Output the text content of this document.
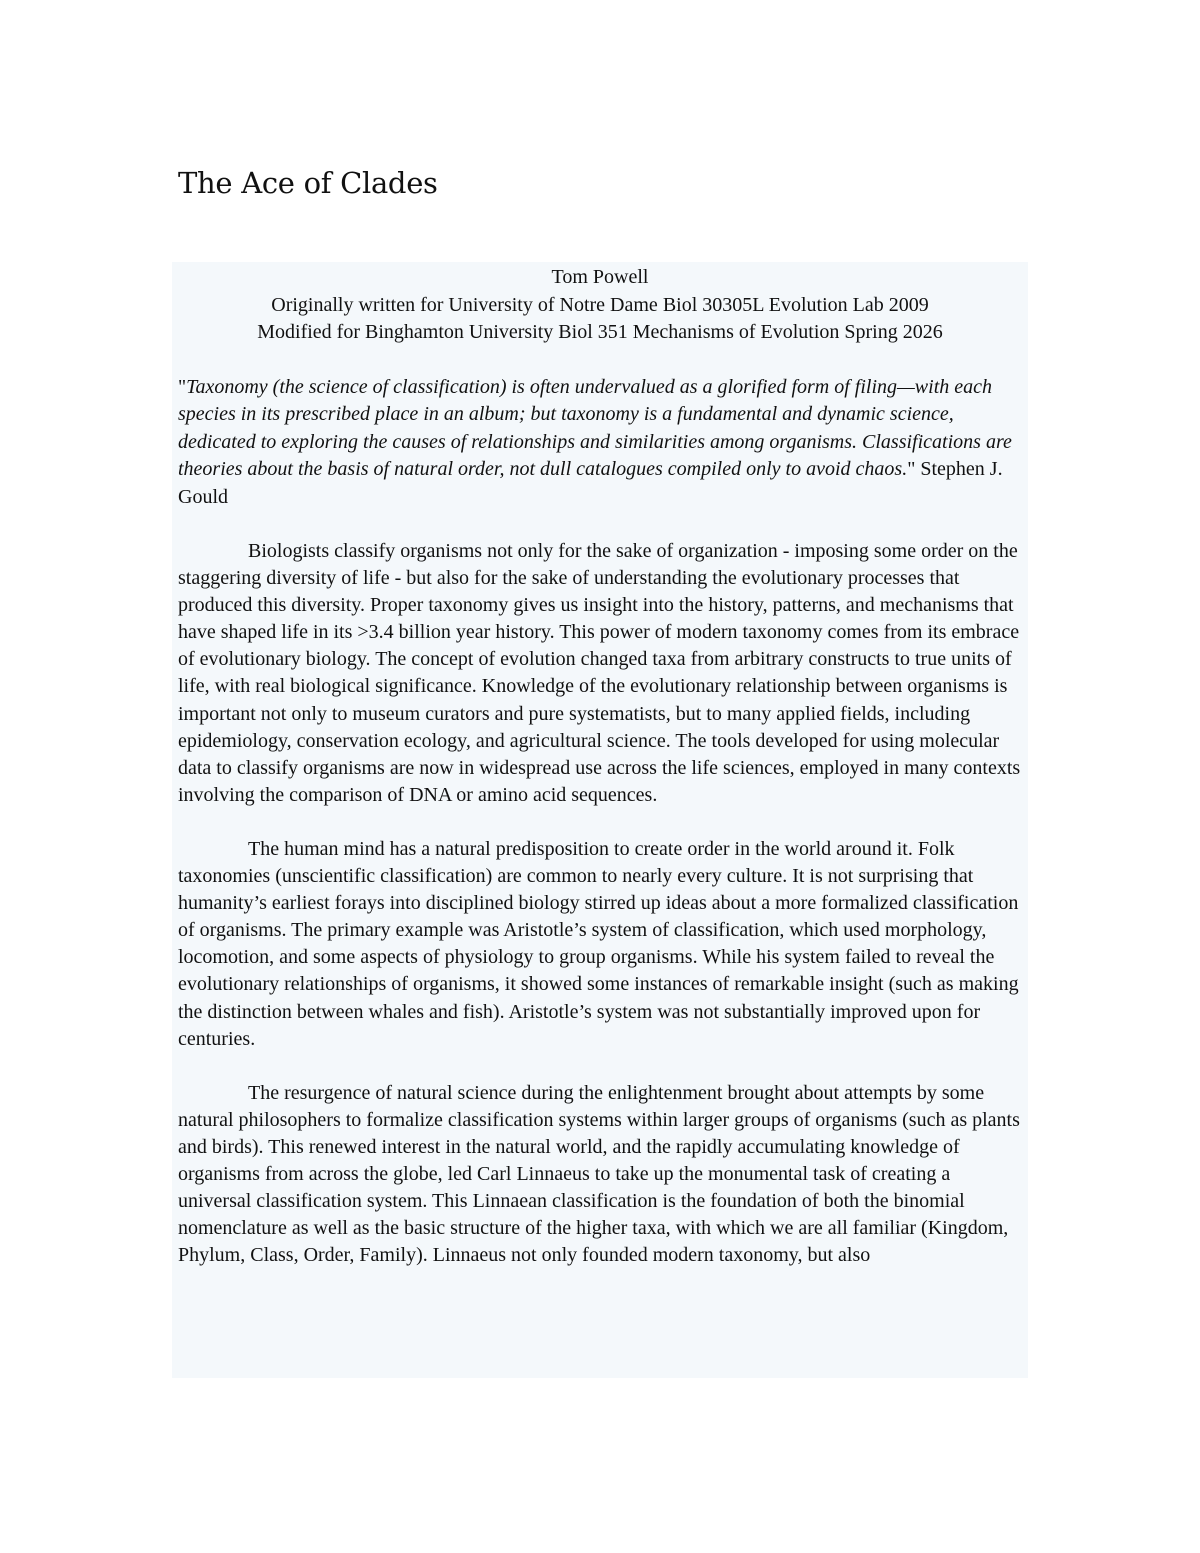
The Ace of Clades
Tom Powell
Originally written for University of Notre Dame Biol 30305L Evolution Lab 2009
Modified for Binghamton University Biol 351 Mechanisms of Evolution Spring 2026
"Taxonomy (the science of classification) is often undervalued as a glorified form of filing—with each species in its prescribed place in an album; but taxonomy is a fundamental and dynamic science, dedicated to exploring the causes of relationships and similarities among organisms. Classifications are theories about the basis of natural order, not dull catalogues compiled only to avoid chaos." Stephen J. Gould

Biologists classify organisms not only for the sake of organization - imposing some order on the staggering diversity of life - but also for the sake of understanding the evolutionary processes that produced this diversity. Proper taxonomy gives us insight into the history, patterns, and mechanisms that have shaped life in its >3.4 billion year history. This power of modern taxonomy comes from its embrace of evolutionary biology. The concept of evolution changed taxa from arbitrary constructs to true units of life, with real biological significance. Knowledge of the evolutionary relationship between organisms is important not only to museum curators and pure systematists, but to many applied fields, including epidemiology, conservation ecology, and agricultural science. The tools developed for using molecular data to classify organisms are now in widespread use across the life sciences, employed in many contexts involving the comparison of DNA or amino acid sequences.

The human mind has a natural predisposition to create order in the world around it. Folk taxonomies (unscientific classification) are common to nearly every culture. It is not surprising that humanity’s earliest forays into disciplined biology stirred up ideas about a more formalized classification of organisms. The primary example was Aristotle’s system of classification, which used morphology, locomotion, and some aspects of physiology to group organisms. While his system failed to reveal the evolutionary relationships of organisms, it showed some instances of remarkable insight (such as making the distinction between whales and fish). Aristotle’s system was not substantially improved upon for centuries.

The resurgence of natural science during the enlightenment brought about attempts by some natural philosophers to formalize classification systems within larger groups of organisms (such as plants and birds). This renewed interest in the natural world, and the rapidly accumulating knowledge of organisms from across the globe, led Carl Linnaeus to take up the monumental task of creating a universal classification system. This Linnaean classification is the foundation of both the binomial nomenclature as well as the basic structure of the higher taxa, with which we are all familiar (Kingdom, Phylum, Class, Order, Family). Linnaeus not only founded modern taxonomy, but also
